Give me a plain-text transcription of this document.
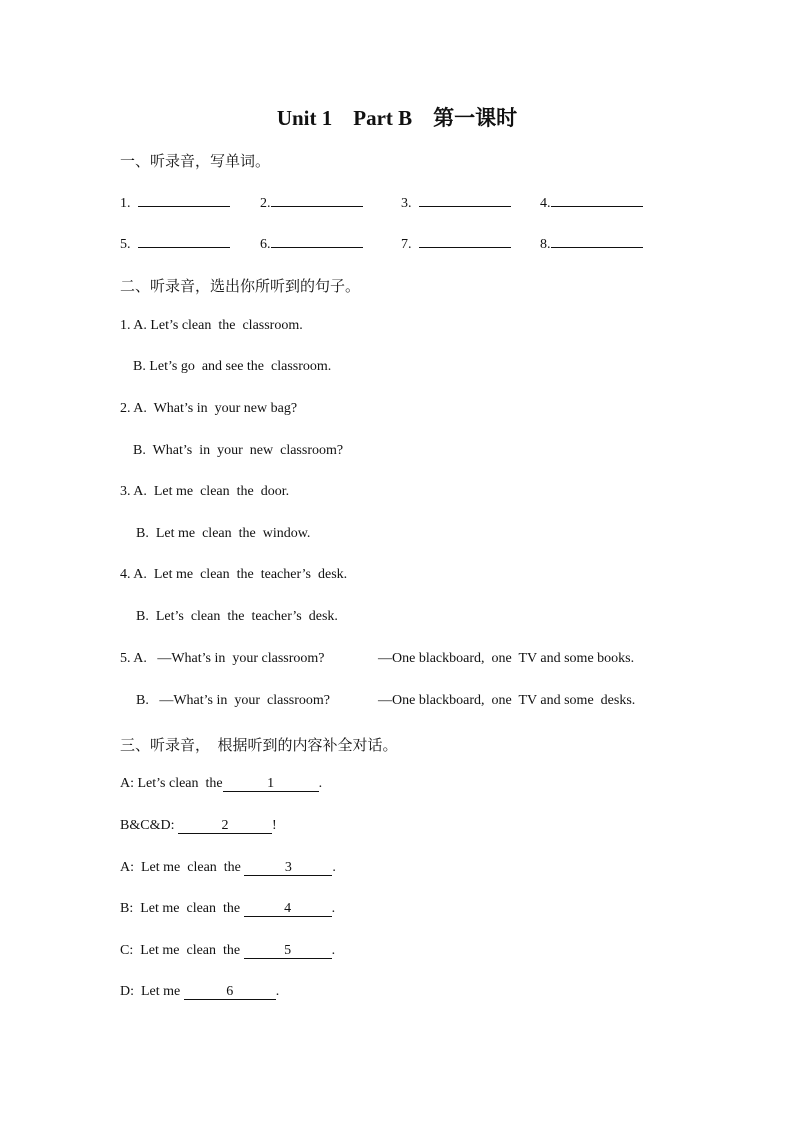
Unit 1    Part B    第一课时
一、听录音，写单词。
1.	2.	3.	4.
5.	6.	7.	8.
二、听录音，选出你所听到的句子。
1. A. Let’s clean  the  classroom.
B. Let’s go  and see the  classroom.
2. A.  What’s in  your new bag?
B.  What’s  in  your  new  classroom?
3. A.  Let me  clean  the  door.
B.  Let me  clean  the  window.
4. A.  Let me  clean  the  teacher’s  desk.
B.  Let’s  clean  the  teacher’s  desk.
5. A.   —What’s in  your classroom?	—One blackboard,  one  TV and some books.
B.   —What’s in  your  classroom?	—One blackboard,  one  TV and some  desks.
三、听录音，  根据听到的内容补全对话。
A: Let’s clean  the	1	.
B&C&D:	2	!
A:  Let me  clean  the	3	.
B:  Let me  clean  the	4	.
C:  Let me  clean  the	5	.
D:  Let me	6	.
